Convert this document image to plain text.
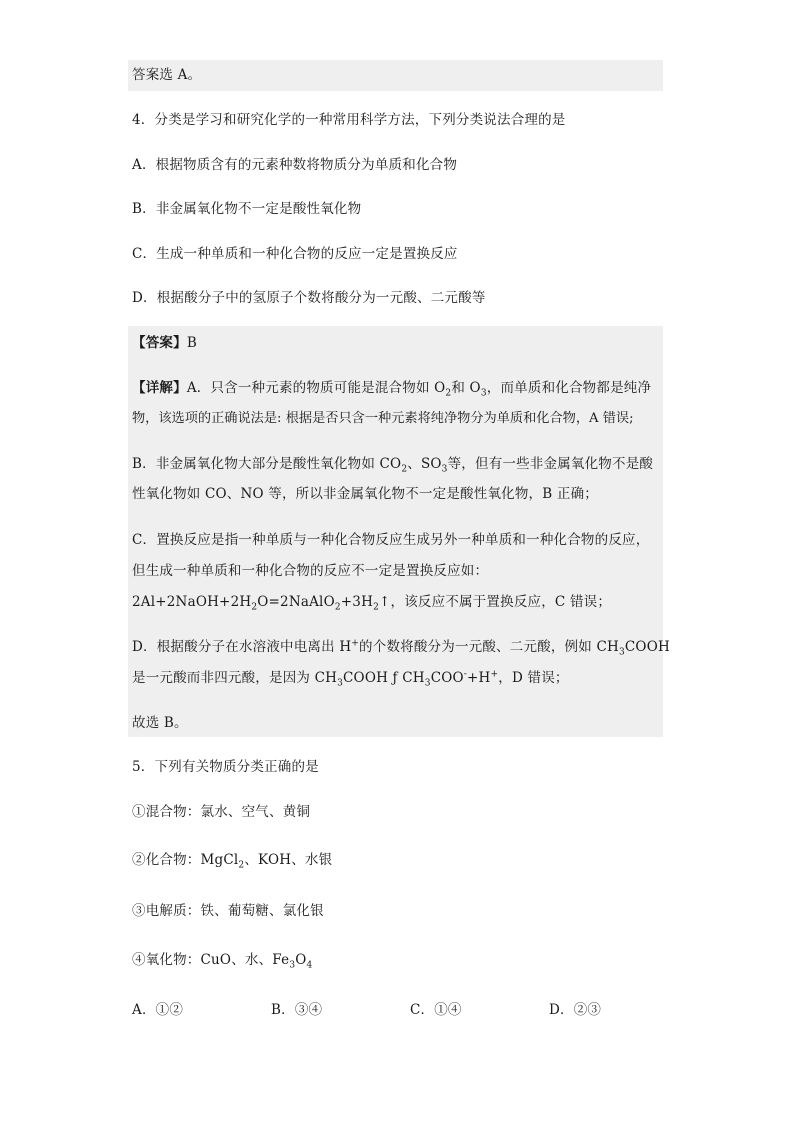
答案选 A。
4．分类是学习和研究化学的一种常用科学方法，下列分类说法合理的是
A．根据物质含有的元素种数将物质分为单质和化合物
B．非金属氧化物不一定是酸性氧化物
C．生成一种单质和一种化合物的反应一定是置换反应
D．根据酸分子中的氢原子个数将酸分为一元酸、二元酸等
【答案】B
【详解】A．只含一种元素的物质可能是混合物如 $O_2$和 $O_3$，而单质和化合物都是纯净
物，该选项的正确说法是: 根据是否只含一种元素将纯净物分为单质和化合物，A 错误;
B．非金属氧化物大部分是酸性氧化物如 $CO_2$、$SO_3$等，但有一些非金属氧化物不是酸
性氧化物如 CO、NO 等，所以非金属氧化物不一定是酸性氧化物，B 正确；
C．置换反应是指一种单质与一种化合物反应生成另外一种单质和一种化合物的反应，
但生成一种单质和一种化合物的反应不一定是置换反应如：
$2Al+2NaOH+2H_2O=2NaAlO_2+3H_2↑$，该反应不属于置换反应，C 错误；
D．根据酸分子在水溶液中电离出 H+的个数将酸分为一元酸、二元酸，例如 $CH_3COOH$
是一元酸而非四元酸，是因为 $CH_3COOH$ ƒ $CH_3COO^-+H^+$，D 错误；
故选 B。
5．下列有关物质分类正确的是
①混合物：氯水、空气、黄铜
②化合物：MgCl$_2$、KOH、水银
③电解质：铁、葡萄糖、氯化银
④氧化物：CuO、水、$Fe_3O_4$
A．①②	B．③④	C．①④	D．②③
